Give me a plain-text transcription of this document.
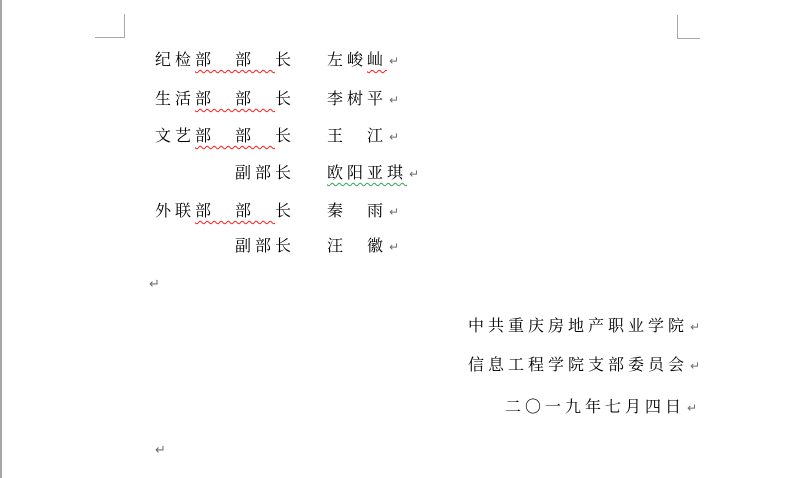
纪检部　部　长 左峻屾 ↵
生活部　部　长 李树平 ↵
文艺部　部　长 王　江 ↵
副部长 欧阳亚琪 ↵
外联部　部　长 秦　雨 ↵
副部长 汪　徽 ↵
↵
↵
中共重庆房地产职业学院 ↵
信息工程学院支部委员会 ↵
二〇一九年七月四日 ↵
